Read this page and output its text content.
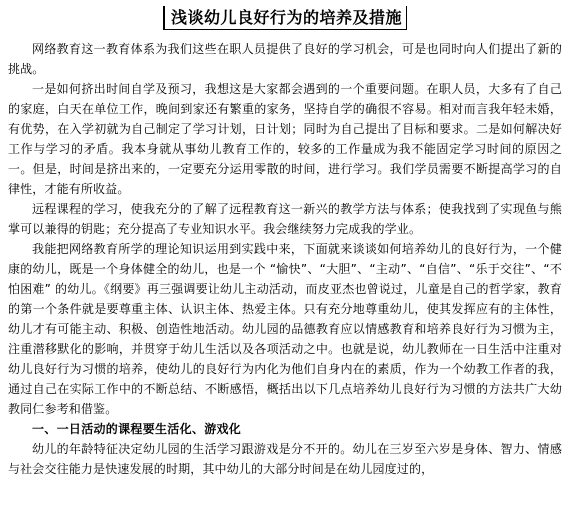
浅谈幼儿良好行为的培养及措施

网络教育这一教育体系为我们这些在职人员提供了良好的学习机会，可是也同时向人们提出了新的挑战。

一是如何挤出时间自学及预习，我想这是大家都会遇到的一个重要问题。在职人员，大多有了自己的家庭，白天在单位工作，晚间到家还有繁重的家务，坚持自学的确很不容易。相对而言我年轻未婚，有优势，在入学初就为自己制定了学习计划，日计划；同时为自己提出了目标和要求。二是如何解决好工作与学习的矛盾。我本身就从事幼儿教育工作的，较多的工作量成为我不能固定学习时间的原因之一。但是，时间是挤出来的，一定要充分运用零散的时间，进行学习。我们学员需要不断提高学习的自律性，才能有所收益。

远程课程的学习，使我充分的了解了远程教育这一新兴的教学方法与体系；使我找到了实现鱼与熊掌可以兼得的钥匙；充分提高了专业知识水平。我会继续努力完成我的学业。

我能把网络教育所学的理论知识运用到实践中来，下面就来谈谈如何培养幼儿的良好行为，一个健康的幼儿，既是一个身体健全的幼儿，也是一个 “愉快”、“大胆”、“主动”、“自信”、“乐于交往”、“不怕困难” 的幼儿。《纲要》再三强调要让幼儿主动活动，而皮亚杰也曾说过，儿童是自己的哲学家，教育的第一个条件就是要尊重主体、认识主体、热爱主体。只有充分地尊重幼儿，使其发挥应有的主体性，幼儿才有可能主动、积极、创造性地活动。幼儿园的品德教育应以情感教育和培养良好行为习惯为主，注重潜移默化的影响，并贯穿于幼儿生活以及各项活动之中。也就是说，幼儿教师在一日生活中注重对幼儿良好行为习惯的培养，使幼儿的良好行为内化为他们自身内在的素质，作为一个幼教工作者的我，通过自己在实际工作中的不断总结、不断感悟，概括出以下几点培养幼儿良好行为习惯的方法共广大幼教同仁参考和借鉴。

一、一日活动的课程要生活化、游戏化

幼儿的年龄特征决定幼儿园的生活学习跟游戏是分不开的。幼儿在三岁至六岁是身体、智力、情感与社会交往能力是快速发展的时期，其中幼儿的大部分时间是在幼儿园度过的，
